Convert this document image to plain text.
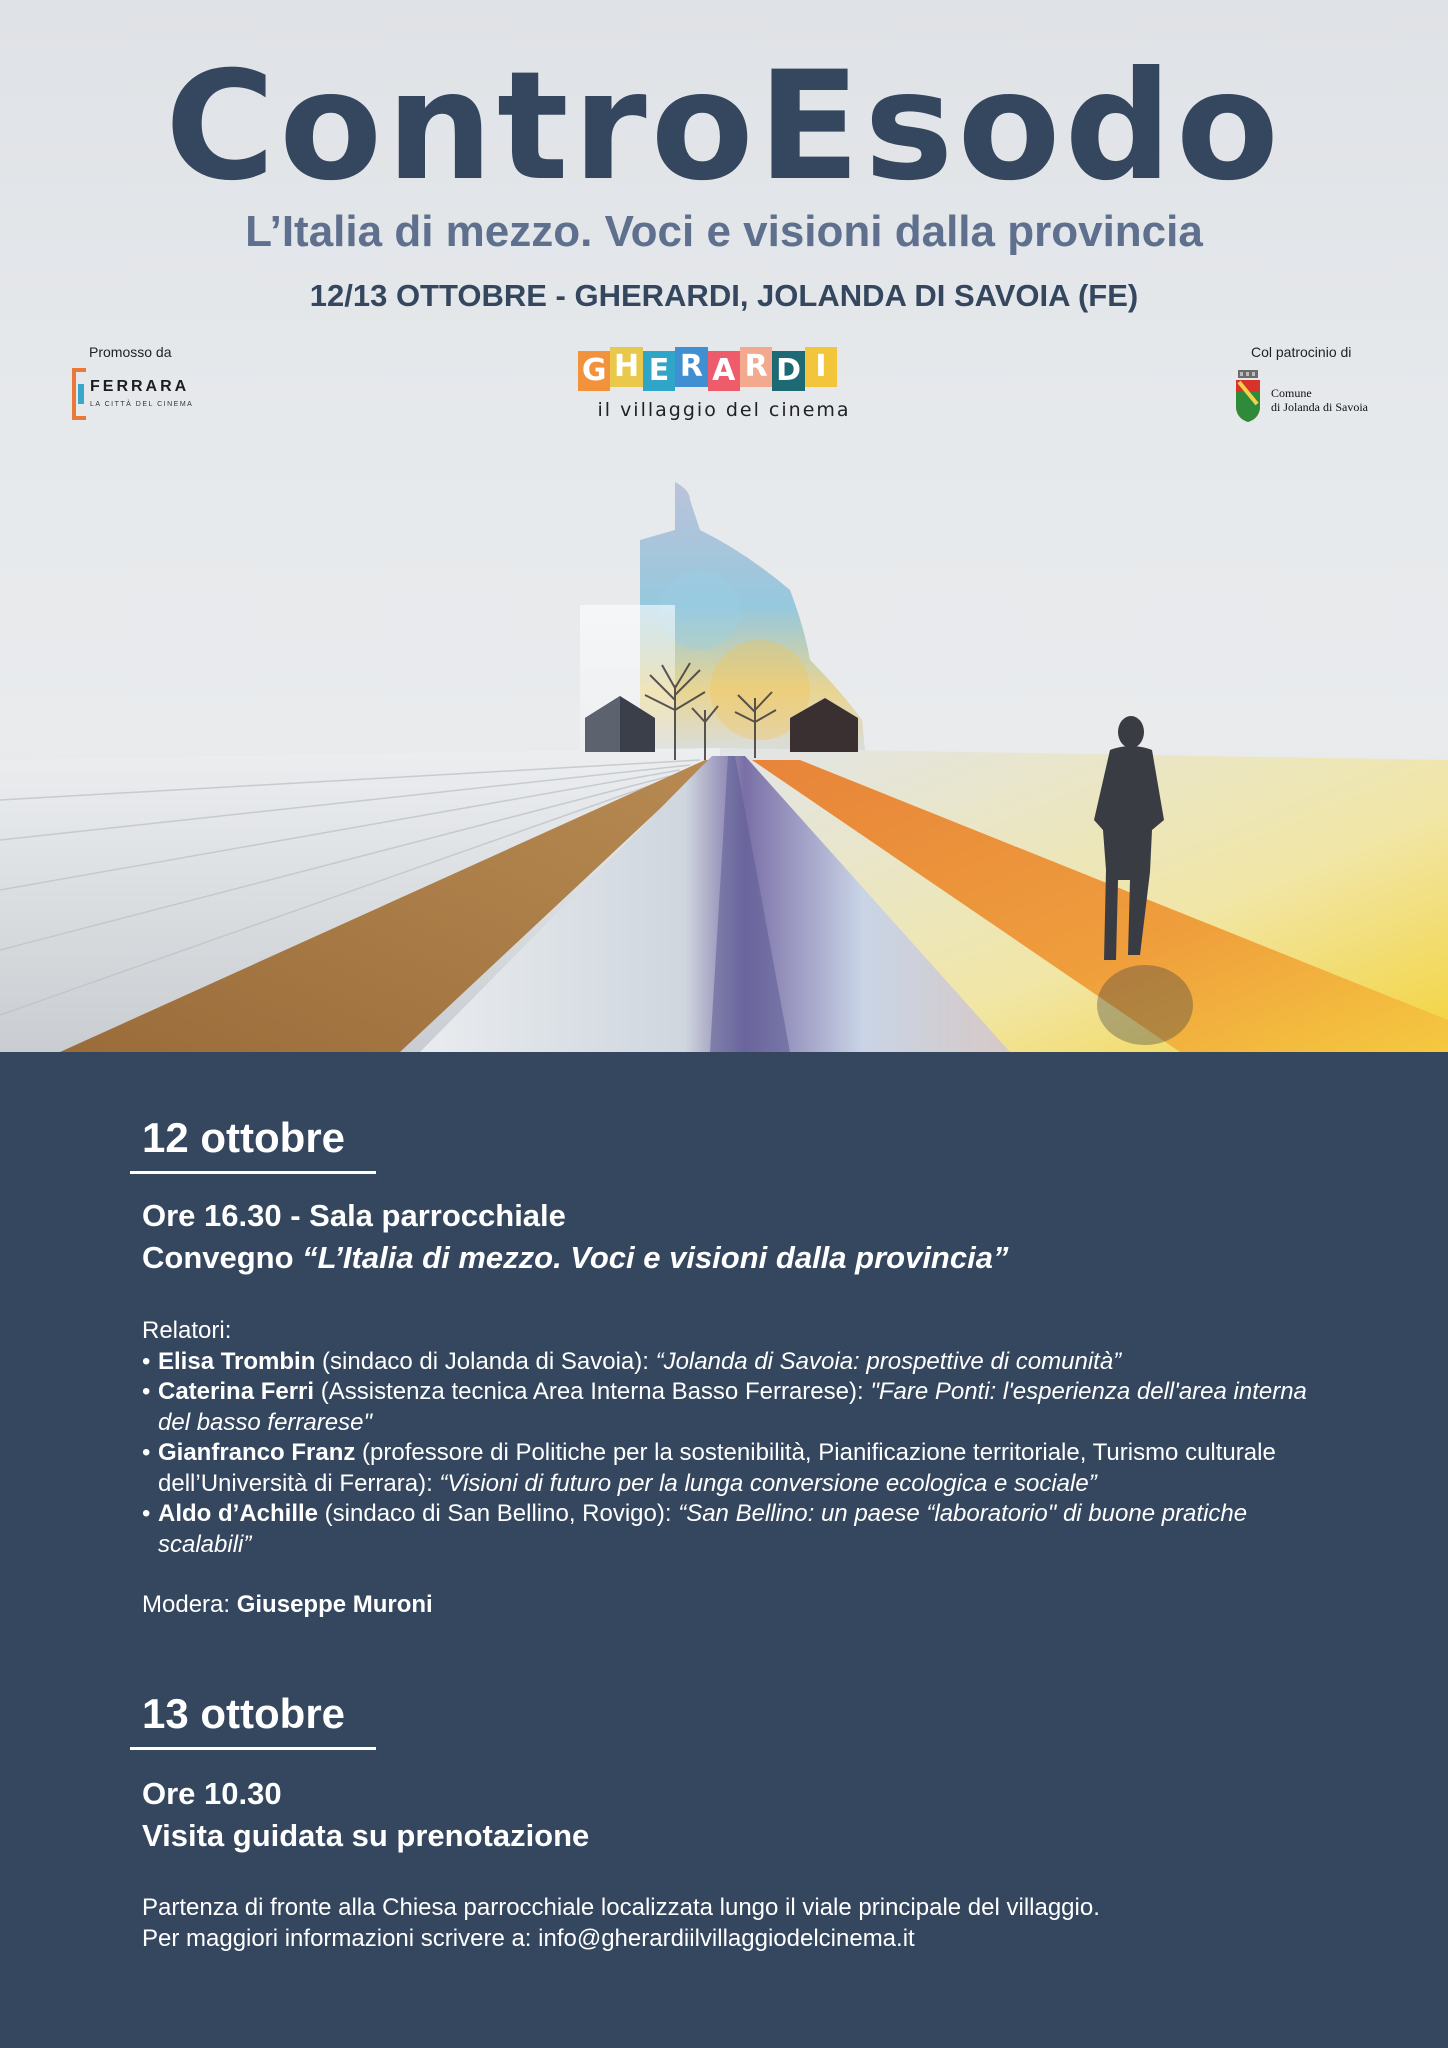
ControEsodo
L’Italia di mezzo. Voci e visioni dalla provincia
12/13 OTTOBRE - GHERARDI, JOLANDA DI SAVOIA (FE)
Promosso da
FERRARA
LA CITTÀ DEL CINEMA
G H E R A R D I
il villaggio del cinema
Col patrocinio di
Comune
di Jolanda di Savoia
12 ottobre
Ore 16.30 - Sala parrocchiale
Convegno “L’Italia di mezzo. Voci e visioni dalla provincia”
Relatori:
• Elisa Trombin (sindaco di Jolanda di Savoia): “Jolanda di Savoia: prospettive di comunità”
• Caterina Ferri (Assistenza tecnica Area Interna Basso Ferrarese): "Fare Ponti: l'esperienza dell'area interna del basso ferrarese"
• Gianfranco Franz (professore di Politiche per la sostenibilità, Pianificazione territoriale, Turismo culturale dell’Università di Ferrara): “Visioni di futuro per la lunga conversione ecologica e sociale”
• Aldo d’Achille (sindaco di San Bellino, Rovigo): “San Bellino: un paese “laboratorio" di buone pratiche scalabili”
Modera: Giuseppe Muroni
13 ottobre
Ore 10.30
Visita guidata su prenotazione
Partenza di fronte alla Chiesa parrocchiale localizzata lungo il viale principale del villaggio.
Per maggiori informazioni scrivere a: info@gherardiilvillaggiodelcinema.it
